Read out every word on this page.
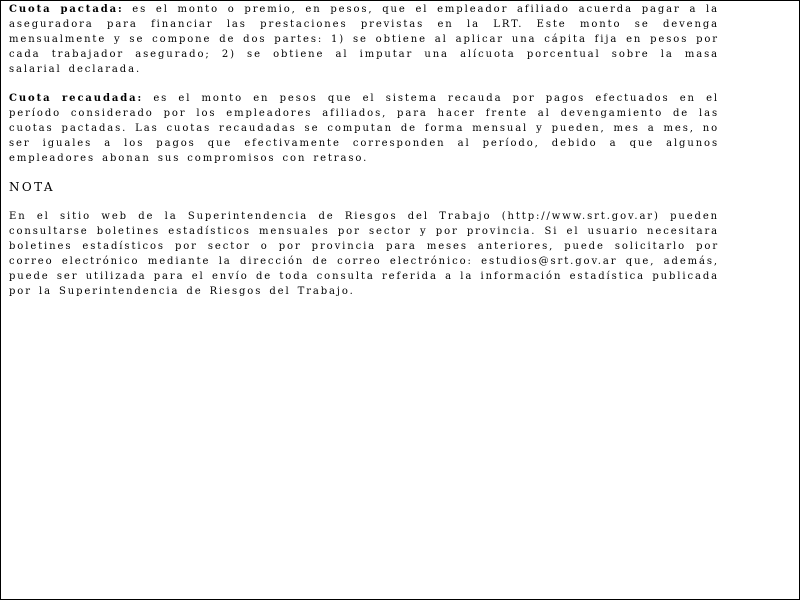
Cuota pactada: es el monto o premio, en pesos, que el empleador afiliado acuerda pagar a la aseguradora para financiar las prestaciones previstas en la LRT. Este monto se devenga mensualmente y se compone de dos partes: 1) se obtiene al aplicar una cápita fija en pesos por cada trabajador asegurado; 2) se obtiene al imputar una alícuota porcentual sobre la masa salarial declarada.

Cuota recaudada: es el monto en pesos que el sistema recauda por pagos efectuados en el período considerado por los empleadores afiliados, para hacer frente al devengamiento de las cuotas pactadas. Las cuotas recaudadas se computan de forma mensual y pueden, mes a mes, no ser iguales a los pagos que efectivamente corresponden al período, debido a que algunos empleadores abonan sus compromisos con retraso.

NOTA

En el sitio web de la Superintendencia de Riesgos del Trabajo (http://www.srt.gov.ar) pueden consultarse boletines estadísticos mensuales por sector y por provincia. Si el usuario necesitara boletines estadísticos por sector o por provincia para meses anteriores, puede solicitarlo por correo electrónico mediante la dirección de correo electrónico: estudios@srt.gov.ar que, además, puede ser utilizada para el envío de toda consulta referida a la información estadística publicada por la Superintendencia de Riesgos del Trabajo.
